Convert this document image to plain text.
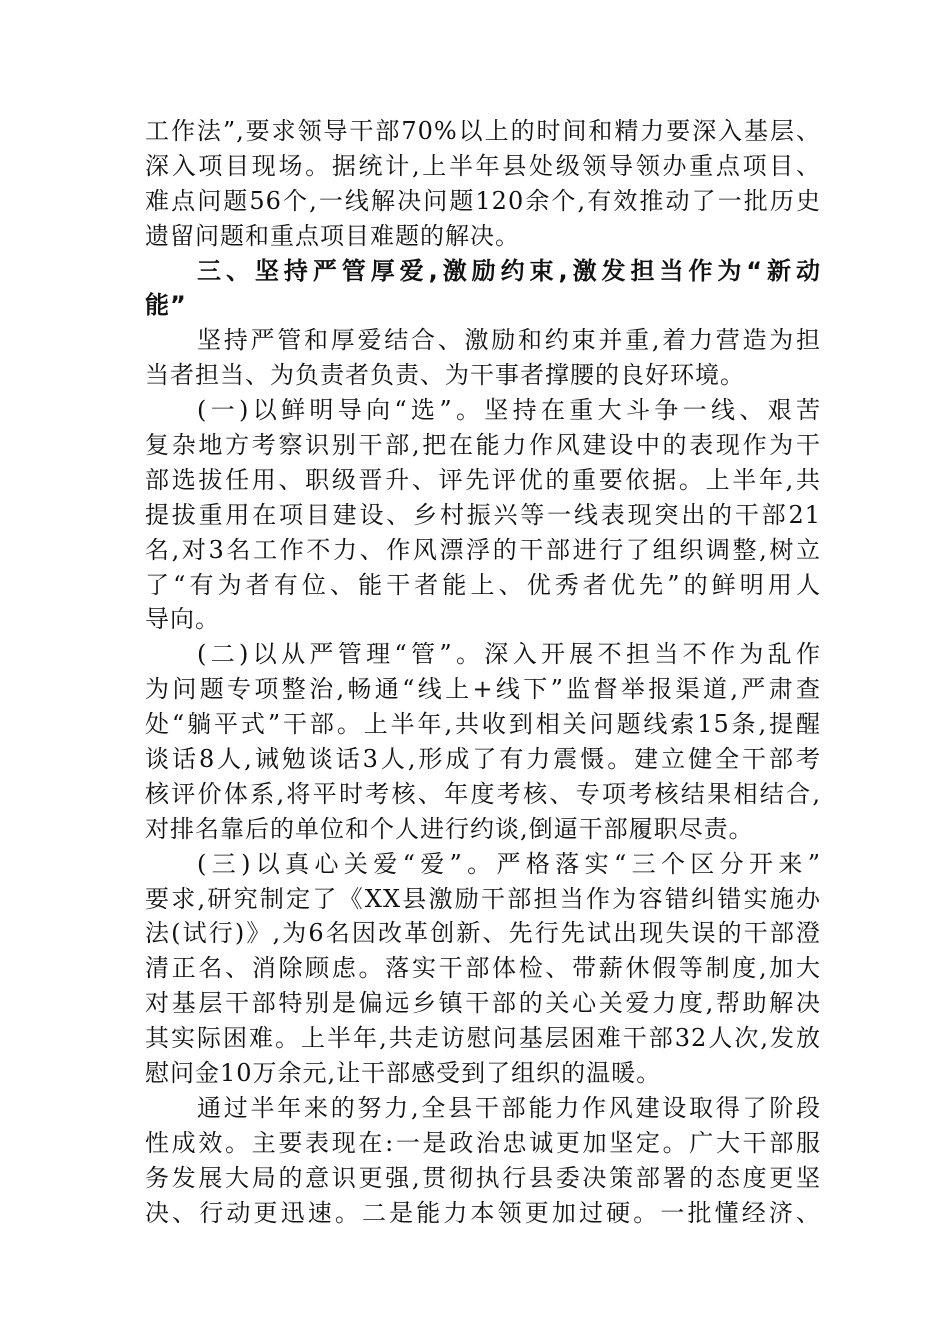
工作法”,要求领导干部70%以上的时间和精力要深入基层、
深入项目现场。据统计,上半年县处级领导领办重点项目、
难点问题56个,一线解决问题120余个,有效推动了一批历史
遗留问题和重点项目难题的解决。
三、坚持严管厚爱,激励约束,激发担当作为“新动
能”
坚持严管和厚爱结合、激励和约束并重,着力营造为担
当者担当、为负责者负责、为干事者撑腰的良好环境。
(一)以鲜明导向“选”。坚持在重大斗争一线、艰苦
复杂地方考察识别干部,把在能力作风建设中的表现作为干
部选拔任用、职级晋升、评先评优的重要依据。上半年,共
提拔重用在项目建设、乡村振兴等一线表现突出的干部21
名,对3名工作不力、作风漂浮的干部进行了组织调整,树立
了“有为者有位、能干者能上、优秀者优先”的鲜明用人
导向。
(二)以从严管理“管”。深入开展不担当不作为乱作
为问题专项整治,畅通“线上+线下”监督举报渠道,严肃查
处“躺平式”干部。上半年,共收到相关问题线索15条,提醒
谈话8人,诫勉谈话3人,形成了有力震慑。建立健全干部考
核评价体系,将平时考核、年度考核、专项考核结果相结合,
对排名靠后的单位和个人进行约谈,倒逼干部履职尽责。
(三)以真心关爱“爱”。严格落实“三个区分开来”
要求,研究制定了《XX县激励干部担当作为容错纠错实施办
法(试行)》,为6名因改革创新、先行先试出现失误的干部澄
清正名、消除顾虑。落实干部体检、带薪休假等制度,加大
对基层干部特别是偏远乡镇干部的关心关爱力度,帮助解决
其实际困难。上半年,共走访慰问基层困难干部32人次,发放
慰问金10万余元,让干部感受到了组织的温暖。
通过半年来的努力,全县干部能力作风建设取得了阶段
性成效。主要表现在:一是政治忠诚更加坚定。广大干部服
务发展大局的意识更强,贯彻执行县委决策部署的态度更坚
决、行动更迅速。二是能力本领更加过硬。一批懂经济、
